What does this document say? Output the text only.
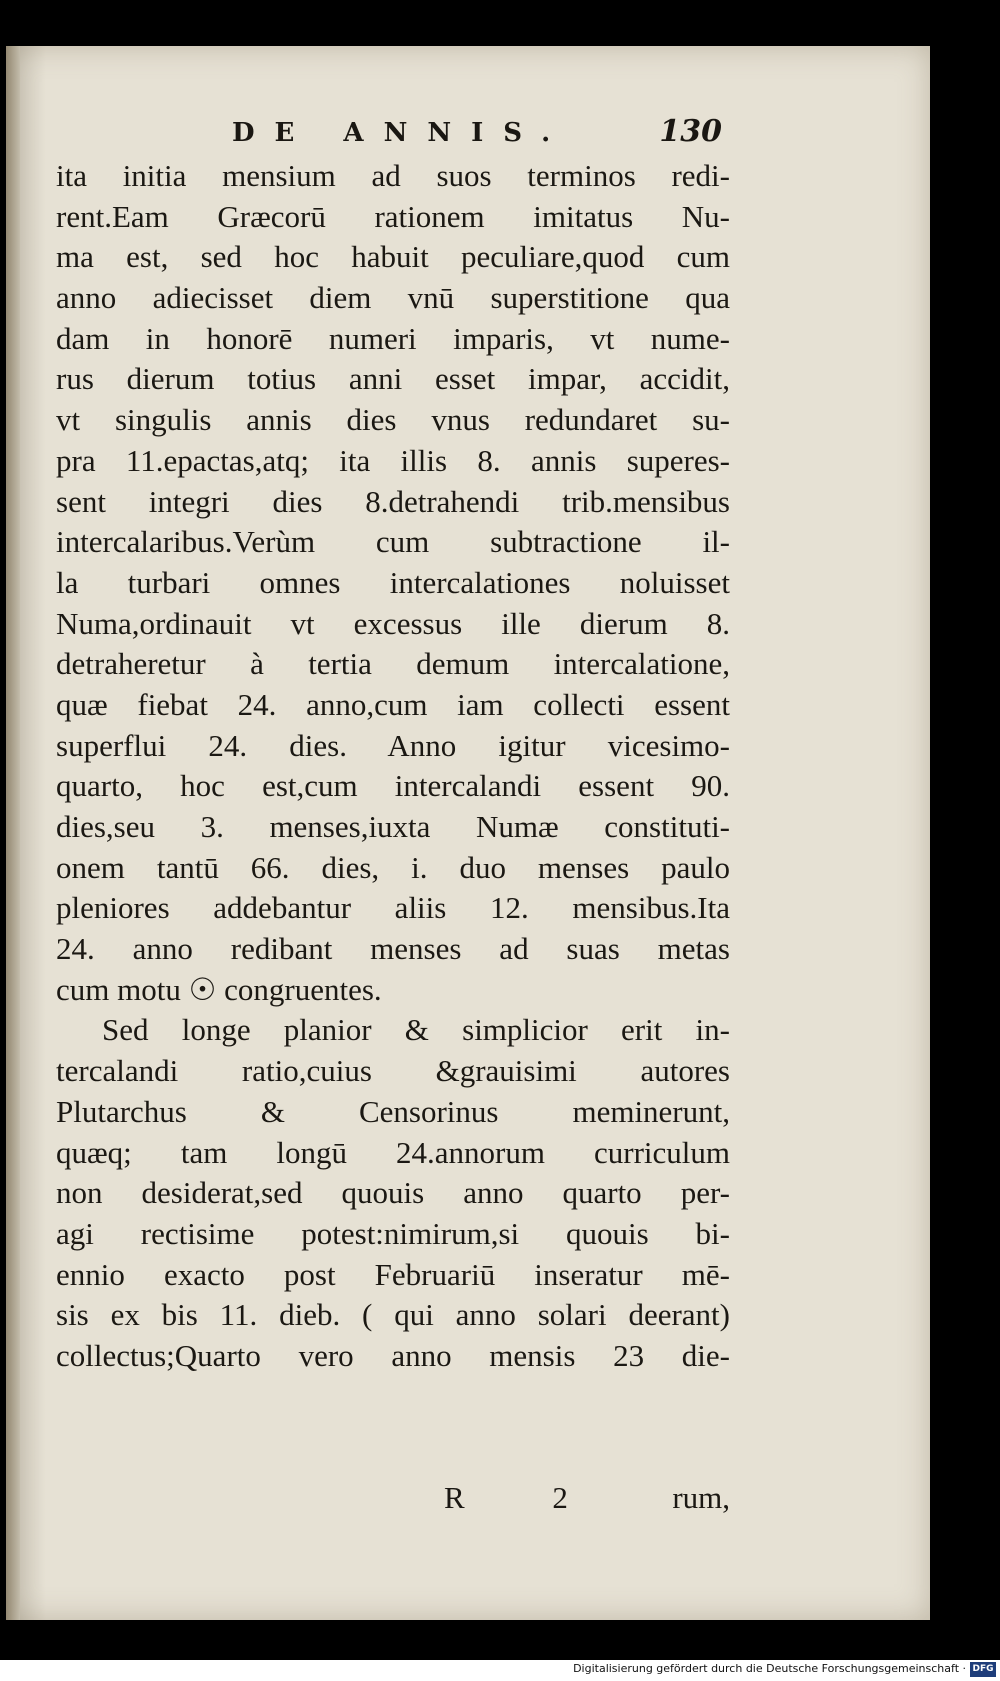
DE ANNIS.	130
ita initia mensium ad suos terminos redi-
rent.Eam Græcorū rationem imitatus Nu-
ma est, sed hoc habuit peculiare,quod cum
anno adiecisset diem vnū superstitione qua
dam in honorē numeri imparis, vt nume-
rus dierum totius anni esset impar, accidit,
vt singulis annis dies vnus redundaret su-
pra 11.epactas,atq; ita illis 8. annis superes-
sent integri dies 8.detrahendi trib.mensibus
intercalaribus.Verùm cum subtractione il-
la turbari omnes intercalationes noluisset
Numa,ordinauit vt excessus ille dierum 8.
detraheretur à tertia demum intercalatione,
quæ fiebat 24. anno,cum iam collecti essent
superflui 24. dies. Anno igitur vicesimo-
quarto, hoc est,cum intercalandi essent 90.
dies,seu 3. menses,iuxta Numæ constituti-
onem tantū 66. dies, i. duo menses paulo
pleniores addebantur aliis 12. mensibus.Ita
24. anno redibant menses ad suas metas
cum motu ☉ congruentes.
Sed longe planior & simplicior erit in-
tercalandi ratio,cuius &grauisimi autores
Plutarchus & Censorinus meminerunt,
quæq; tam longū 24.annorum curriculum
non desiderat,sed quouis anno quarto per-
agi rectisime potest:nimirum,si quouis bi-
ennio exacto post Februariū inseratur mē-
sis ex bis 11. dieb. ( qui anno solari deerant)
collectus;Quarto vero anno mensis 23 die-
R 2 rum,
Digitalisierung gefördert durch die Deutsche Forschungsgemeinschaft · DFG
